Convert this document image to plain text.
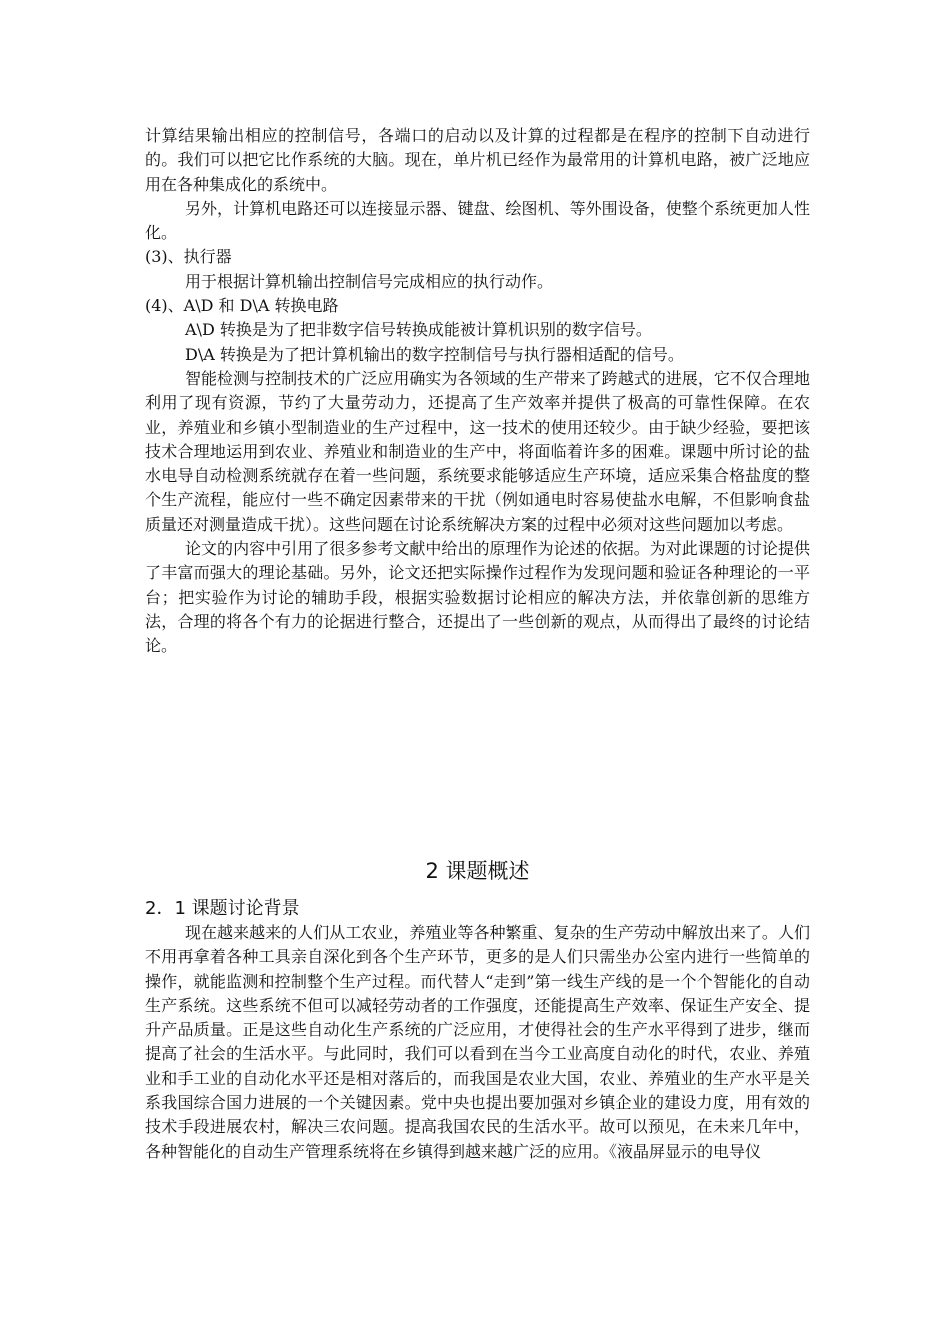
计算结果输出相应的控制信号，各端口的启动以及计算的过程都是在程序的控制下自动进行的。我们可以把它比作系统的大脑。现在，单片机已经作为最常用的计算机电路，被广泛地应用在各种集成化的系统中。

另外，计算机电路还可以连接显示器、键盘、绘图机、等外围设备，使整个系统更加人性化。

(3)、执行器

用于根据计算机输出控制信号完成相应的执行动作。

(4)、A\D 和 D\A 转换电路

A\D 转换是为了把非数字信号转换成能被计算机识别的数字信号。

D\A 转换是为了把计算机输出的数字控制信号与执行器相适配的信号。

智能检测与控制技术的广泛应用确实为各领域的生产带来了跨越式的进展，它不仅合理地利用了现有资源，节约了大量劳动力，还提高了生产效率并提供了极高的可靠性保障。在农业，养殖业和乡镇小型制造业的生产过程中，这一技术的使用还较少。由于缺少经验，要把该技术合理地运用到农业、养殖业和制造业的生产中，将面临着许多的困难。课题中所讨论的盐水电导自动检测系统就存在着一些问题，系统要求能够适应生产环境，适应采集合格盐度的整个生产流程，能应付一些不确定因素带来的干扰（例如通电时容易使盐水电解，不但影响食盐质量还对测量造成干扰）。这些问题在讨论系统解决方案的过程中必须对这些问题加以考虑。

论文的内容中引用了很多参考文献中给出的原理作为论述的依据。为对此课题的讨论提供了丰富而强大的理论基础。另外，论文还把实际操作过程作为发现问题和验证各种理论的一平台；把实验作为讨论的辅助手段，根据实验数据讨论相应的解决方法，并依靠创新的思维方法，合理的将各个有力的论据进行整合，还提出了一些创新的观点，从而得出了最终的讨论结论。

2 课题概述
2．1 课题讨论背景

现在越来越来的人们从工农业，养殖业等各种繁重、复杂的生产劳动中解放出来了。人们不用再拿着各种工具亲自深化到各个生产环节，更多的是人们只需坐办公室内进行一些简单的操作，就能监测和控制整个生产过程。而代替人“走到”第一线生产线的是一个个智能化的自动生产系统。这些系统不但可以减轻劳动者的工作强度，还能提高生产效率、保证生产安全、提升产品质量。正是这些自动化生产系统的广泛应用，才使得社会的生产水平得到了进步，继而提高了社会的生活水平。与此同时，我们可以看到在当今工业高度自动化的时代，农业、养殖业和手工业的自动化水平还是相对落后的，而我国是农业大国，农业、养殖业的生产水平是关系我国综合国力进展的一个关键因素。党中央也提出要加强对乡镇企业的建设力度，用有效的技术手段进展农村，解决三农问题。提高我国农民的生活水平。故可以预见，在未来几年中，各种智能化的自动生产管理系统将在乡镇得到越来越广泛的应用。《液晶屏显示的电导仪
